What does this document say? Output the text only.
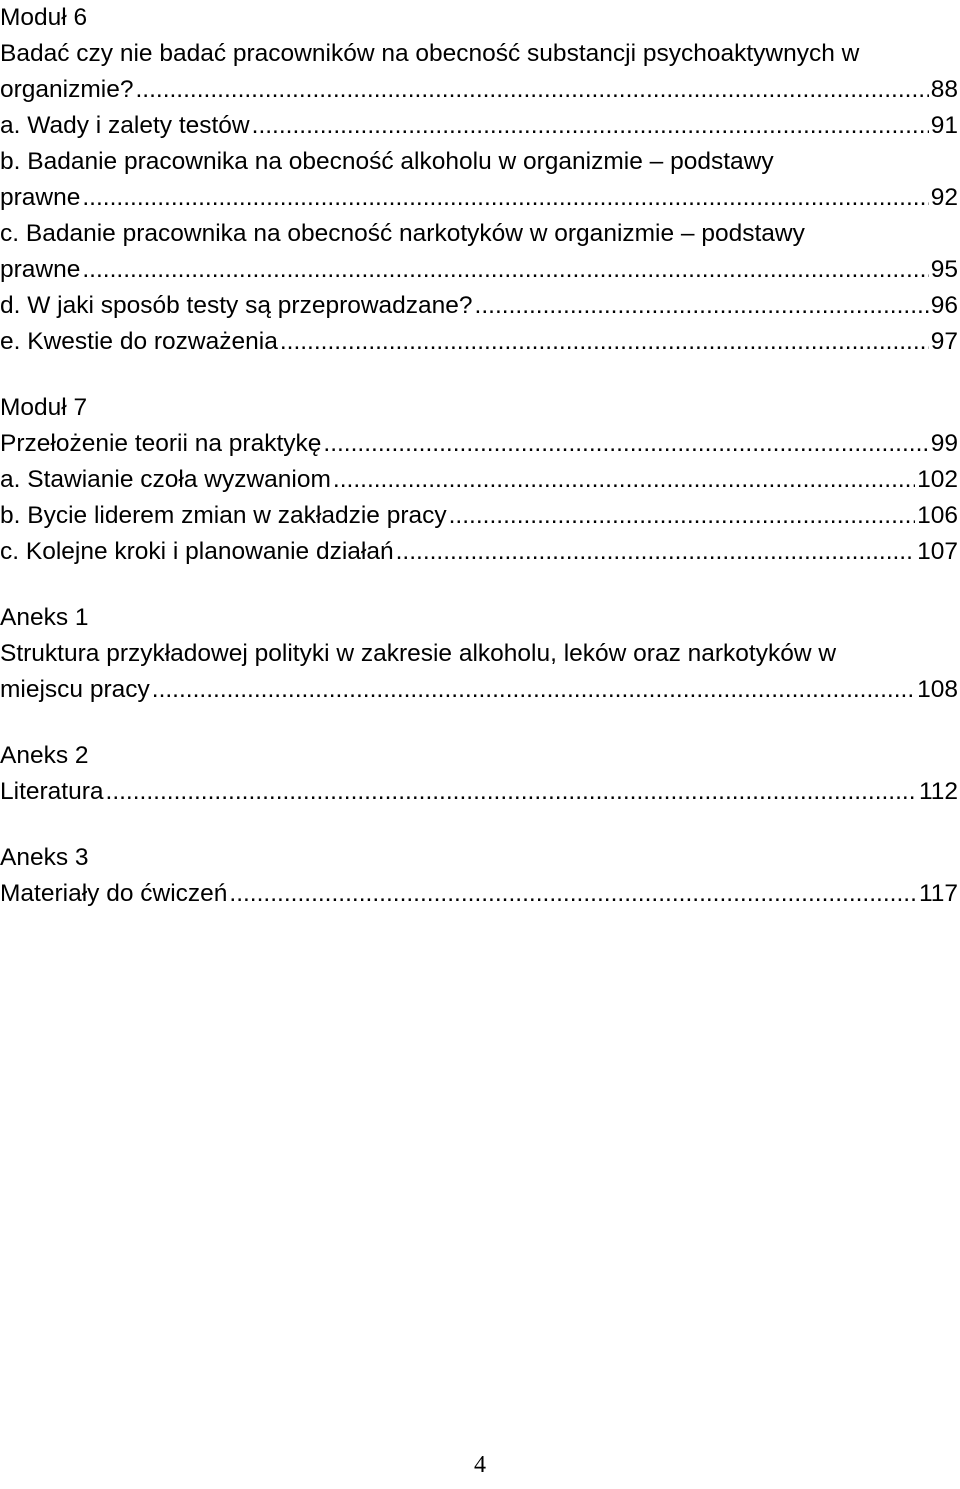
Moduł 6
Badać czy nie badać pracowników na obecność substancji psychoaktywnych w
organizmie? .....	88
a. Wady i zalety testów .....	91
b. Badanie pracownika na obecność alkoholu w organizmie – podstawy
prawne .....	92
c. Badanie pracownika na obecność narkotyków w organizmie – podstawy
prawne .....	95
d. W jaki sposób testy są przeprowadzane? .....	96
e. Kwestie do rozważenia .....	97
Moduł 7
Przełożenie teorii na praktykę .....	99
a. Stawianie czoła wyzwaniom .....	102
b. Bycie liderem zmian w zakładzie pracy .....	106
c. Kolejne kroki i planowanie działań .....	107
Aneks 1
Struktura przykładowej polityki w zakresie alkoholu, leków oraz narkotyków w
miejscu pracy .....	108
Aneks 2
Literatura .....	112
Aneks 3
Materiały do ćwiczeń .....	117
4
